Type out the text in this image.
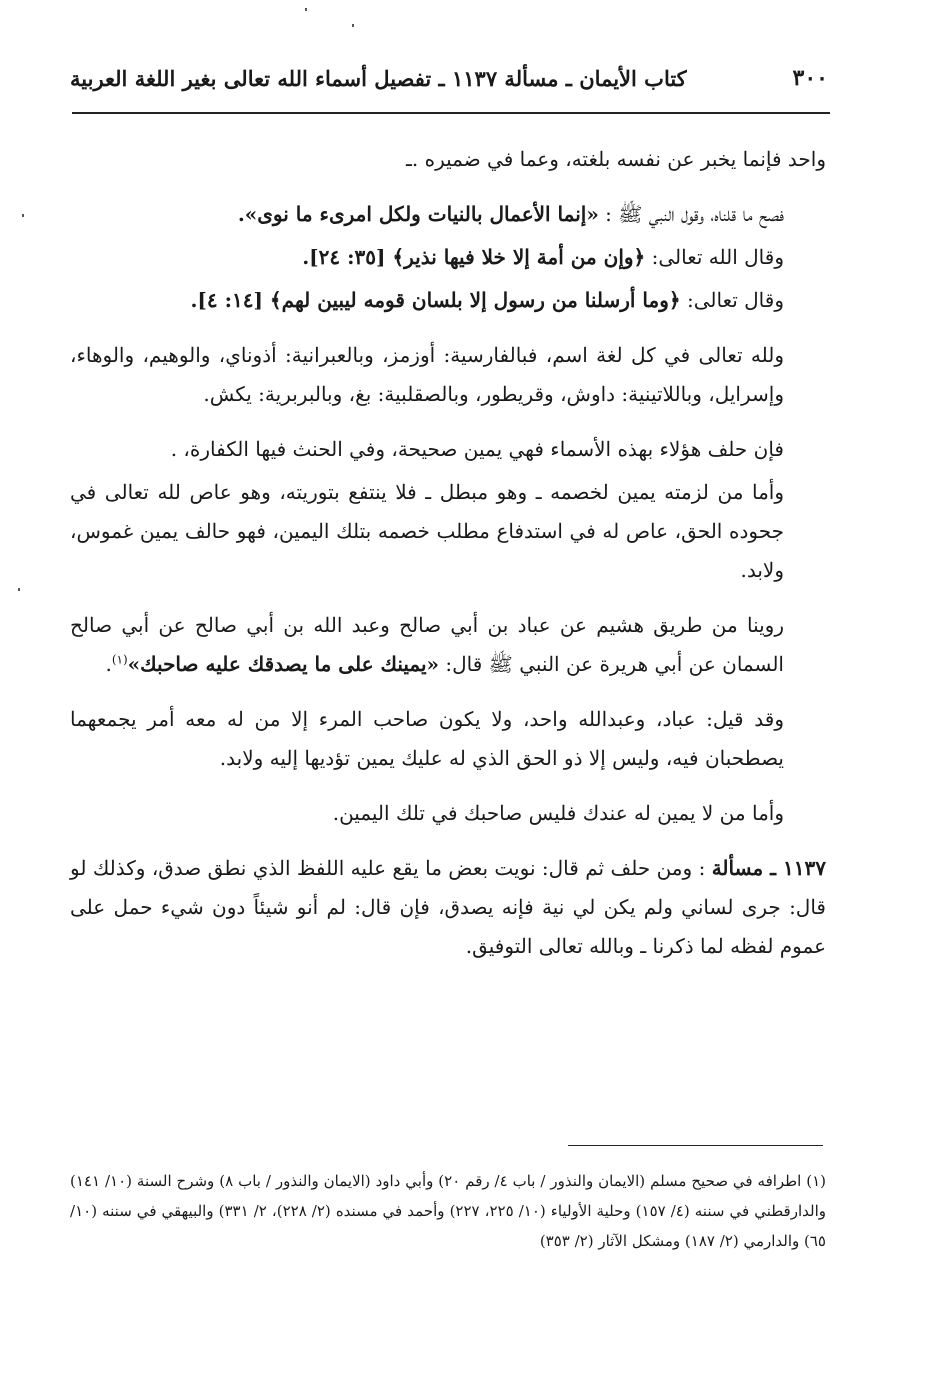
٣٠٠
كتاب الأيمان ـ مسألة ١١٣٧ ـ تفصيل أسماء الله تعالى بغير اللغة العربية

واحد فإنما يخبر عن نفسه بلغته، وعما في ضميره .ـ

فصح ما قلناه، وقول النبي ﷺ : «إنما الأعمال بالنيات ولكل امرىء ما نوى».

وقال الله تعالى: ﴿وإن من أمة إلا خلا فيها نذير﴾ [٣٥: ٢٤].

وقال تعالى: ﴿وما أرسلنا من رسول إلا بلسان قومه ليبين لهم﴾ [١٤: ٤].

ولله تعالى في كل لغة اسم، فبالفارسية: أوزمز، وبالعبرانية: أذوناي، والوهيم، والوهاء، وإسرايل، وباللاتينية: داوش، وقريطور، وبالصقلبية: بغ، وبالبربرية: يكش.

فإن حلف هؤلاء بهذه الأسماء فهي يمين صحيحة، وفي الحنث فيها الكفارة، .

وأما من لزمته يمين لخصمه ـ وهو مبطل ـ فلا ينتفع بتوريته، وهو عاص لله تعالى في جحوده الحق، عاص له في استدفاع مطلب خصمه بتلك اليمين، فهو حالف يمين غموس، ولابد.

روينا من طريق هشيم عن عباد بن أبي صالح وعبد الله بن أبي صالح عن أبي صالح السمان عن أبي هريرة عن النبي ﷺ قال: «يمينك على ما يصدقك عليه صاحبك»$^{(١)}$.

وقد قيل: عباد، وعبدالله واحد، ولا يكون صاحب المرء إلا من له معه أمر يجمعهما يصطحبان فيه، وليس إلا ذو الحق الذي له عليك يمين تؤديها إليه ولابد.

وأما من لا يمين له عندك فليس صاحبك في تلك اليمين.

١١٣٧ ـ مسألة : ومن حلف ثم قال: نويت بعض ما يقع عليه اللفظ الذي نطق صدق، وكذلك لو قال: جرى لساني ولم يكن لي نية فإنه يصدق، فإن قال: لم أنو شيئاً دون شيء حمل على عموم لفظه لما ذكرنا ـ وبالله تعالى التوفيق.

(١) اطرافه في صحيح مسلم (الايمان والنذور / باب ٤/ رقم ٢٠) وأبي داود (الايمان والنذور / باب ٨) وشرح السنة (١٠/ ١٤١) والدارقطني في سننه (٤/ ١٥٧) وحلية الأولياء (١٠/ ٢٢٥، ٢٢٧) وأحمد في مسنده (٢/ ٢٢٨)، ٢/ ٣٣١) والبيهقي في سننه (١٠/ ٦٥) والدارمي (٢/ ١٨٧) ومشكل الآثار (٢/ ٣٥٣)
